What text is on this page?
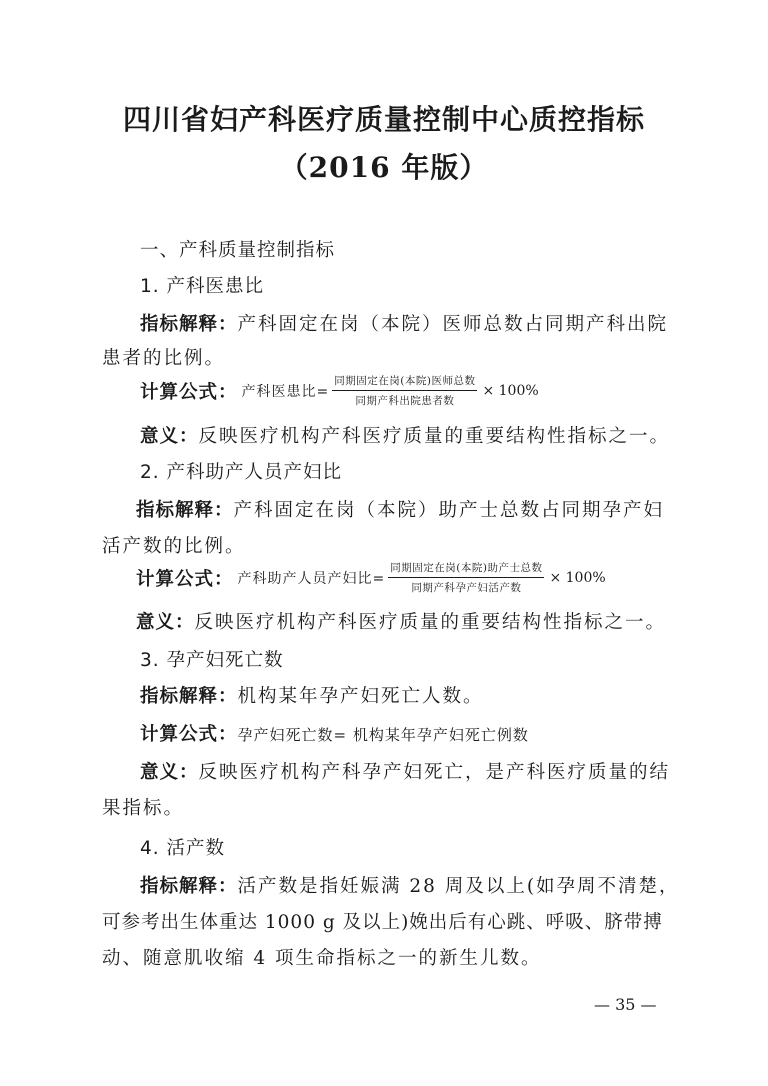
四川省妇产科医疗质量控制中心质控指标
（2016 年版）
一、产科质量控制指标
1. 产科医患比
指标解释：产科固定在岗（本院）医师总数占同期产科出院
患者的比例。
计算公式： 产科医患比= $\frac{\text{同期固定在岗(本院)医师总数}}{\text{同期产科出院患者数}} \times 100\%$
意义：反映医疗机构产科医疗质量的重要结构性指标之一。
2. 产科助产人员产妇比
指标解释：产科固定在岗（本院）助产士总数占同期孕产妇
活产数的比例。
计算公式： 产科助产人员产妇比= $\frac{\text{同期固定在岗(本院)助产士总数}}{\text{同期产科孕产妇活产数}} \times 100\%$
意义：反映医疗机构产科医疗质量的重要结构性指标之一。
3. 孕产妇死亡数
指标解释：机构某年孕产妇死亡人数。
计算公式：孕产妇死亡数= 机构某年孕产妇死亡例数
意义：反映医疗机构产科孕产妇死亡，是产科医疗质量的结
果指标。
4. 活产数
指标解释：活产数是指妊娠满 28 周及以上(如孕周不清楚，
可参考出生体重达 1000 g 及以上)娩出后有心跳、呼吸、脐带搏
动、随意肌收缩 4 项生命指标之一的新生儿数。
— 35 —
